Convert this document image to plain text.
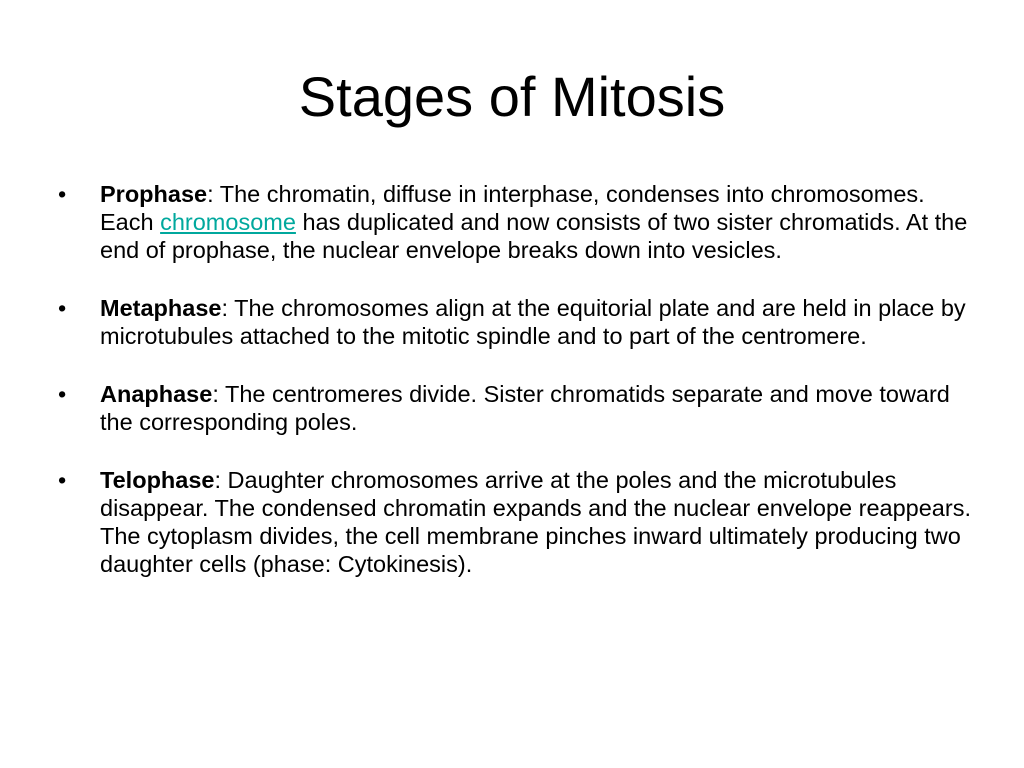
Stages of Mitosis
•	Prophase: The chromatin, diffuse in interphase, condenses into chromosomes. Each chromosome has duplicated and now consists of two sister chromatids. At the end of prophase, the nuclear envelope breaks down into vesicles.
•	Metaphase: The chromosomes align at the equitorial plate and are held in place by microtubules attached to the mitotic spindle and to part of the centromere.
•	Anaphase: The centromeres divide. Sister chromatids separate and move toward the corresponding poles.
•	Telophase: Daughter chromosomes arrive at the poles and the microtubules disappear. The condensed chromatin expands and the nuclear envelope reappears. The cytoplasm divides, the cell membrane pinches inward ultimately producing two daughter cells (phase: Cytokinesis).
